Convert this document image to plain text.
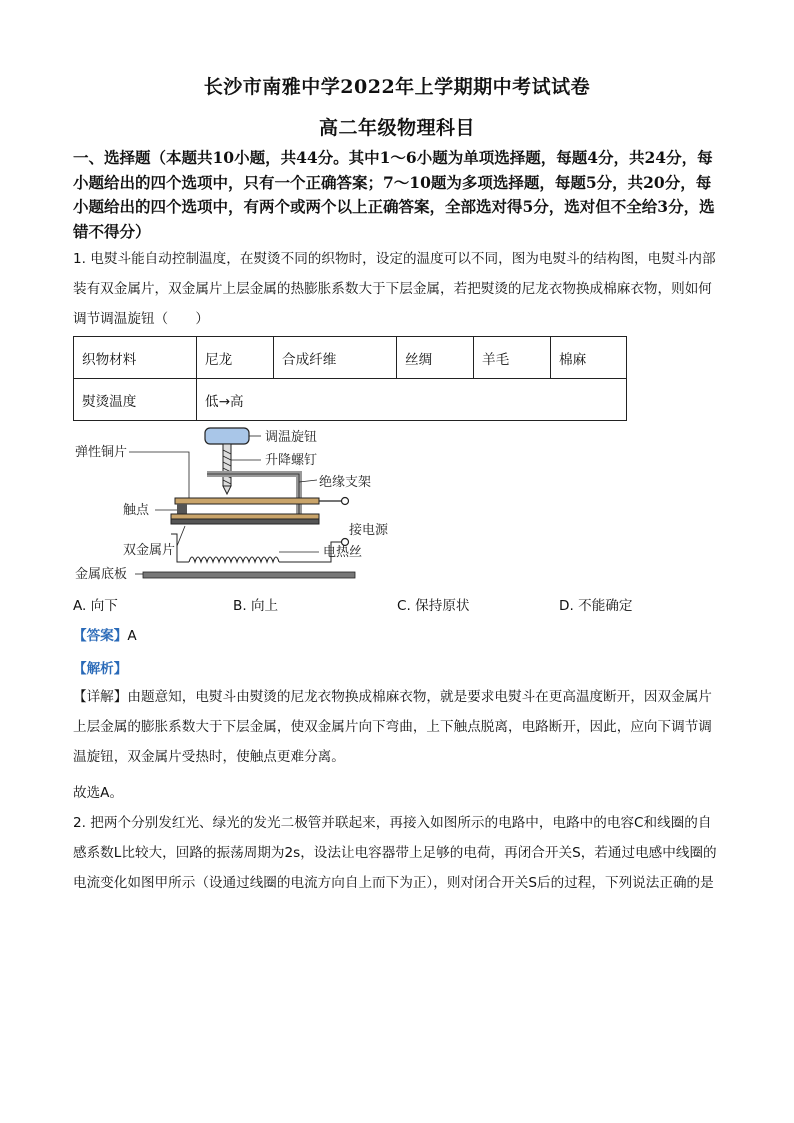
长沙市南雅中学2022年上学期期中考试试卷
高二年级物理科目
一、选择题（本题共10小题，共44分。其中1～6小题为单项选择题，每题4分，共24分，每小题给出的四个选项中，只有一个正确答案；7～10题为多项选择题，每题5分，共20分，每小题给出的四个选项中，有两个或两个以上正确答案，全部选对得5分，选对但不全给3分，选错不得分）
1. 电熨斗能自动控制温度，在熨烫不同的织物时，设定的温度可以不同，图为电熨斗的结构图，电熨斗内部装有双金属片，双金属片上层金属的热膨胀系数大于下层金属，若把熨烫的尼龙衣物换成棉麻衣物，则如何调节调温旋钮（　　）
织物材料	尼龙	合成纤维	丝绸	羊毛	棉麻
熨烫温度	低→高				
调温旋钮
弹性铜片
升降螺钉
绝缘支架
触点
接电源
双金属片	电热丝
金属底板
A. 向下	B. 向上	C. 保持原状	D. 不能确定
【答案】A
【解析】
【详解】由题意知，电熨斗由熨烫的尼龙衣物换成棉麻衣物，就是要求电熨斗在更高温度断开，因双金属片上层金属的膨胀系数大于下层金属，使双金属片向下弯曲，上下触点脱离，电路断开，因此，应向下调节调温旋钮，双金属片受热时，使触点更难分离。
故选A。
2. 把两个分别发红光、绿光的发光二极管并联起来，再接入如图所示的电路中，电路中的电容C和线圈的自感系数L比较大，回路的振荡周期为2s，设法让电容器带上足够的电荷，再闭合开关S，若通过电感中线圈的电流变化如图甲所示（设通过线圈的电流方向自上而下为正），则对闭合开关S后的过程，下列说法正确的是
